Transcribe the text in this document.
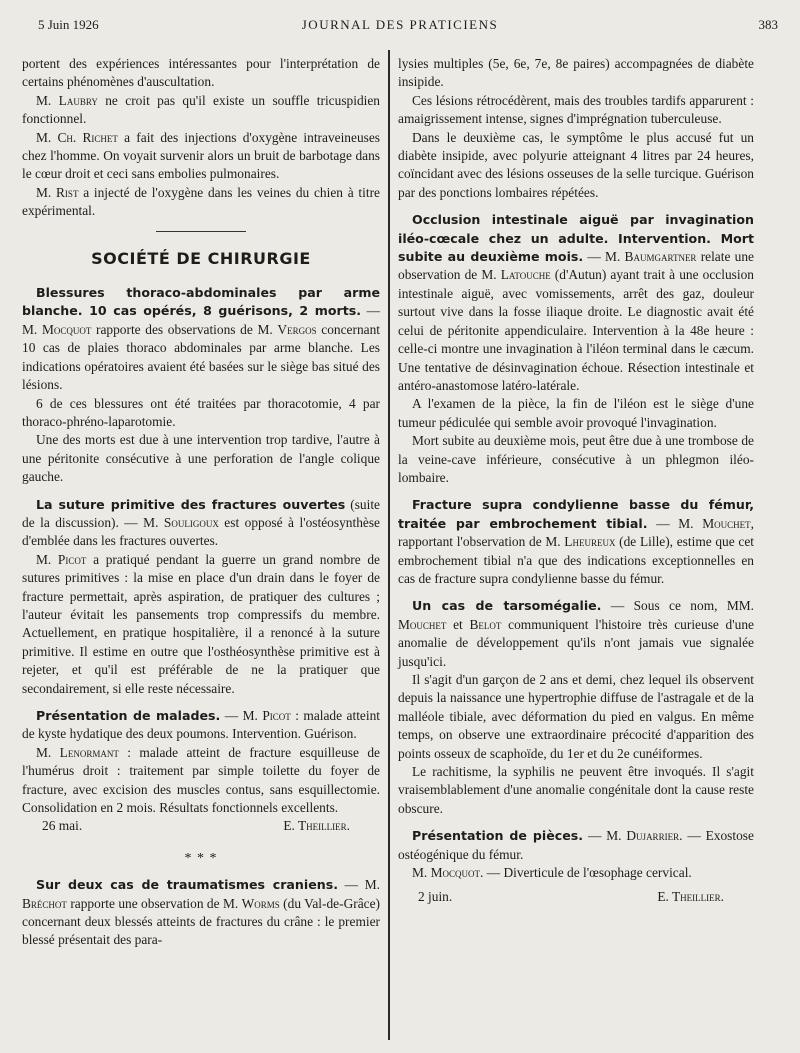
5 Juin 1926	JOURNAL DES PRATICIENS	383

portent des expériences intéressantes pour l'interprétation de certains phénomènes d'auscultation.

M. Laubry ne croit pas qu'il existe un souffle tricuspidien fonctionnel.

M. Ch. Richet a fait des injections d'oxygène intraveineuses chez l'homme. On voyait survenir alors un bruit de barbotage dans le cœur droit et ceci sans embolies pulmonaires.

M. Rist a injecté de l'oxygène dans les veines du chien à titre expérimental.

SOCIÉTÉ DE CHIRURGIE

Blessures thoraco-abdominales par arme blanche. 10 cas opérés, 8 guérisons, 2 morts. — M. Mocquot rapporte des observations de M. Vergos concernant 10 cas de plaies thoraco abdominales par arme blanche. Les indications opératoires avaient été basées sur le siège bas situé des lésions.

6 de ces blessures ont été traitées par thoracotomie, 4 par thoraco-phréno-laparotomie.

Une des morts est due à une intervention trop tardive, l'autre à une péritonite consécutive à une perforation de l'angle colique gauche.

La suture primitive des fractures ouvertes (suite de la discussion). — M. Souligoux est opposé à l'ostéosynthèse d'emblée dans les fractures ouvertes.

M. Picot a pratiqué pendant la guerre un grand nombre de sutures primitives : la mise en place d'un drain dans le foyer de fracture permettait, après aspiration, de pratiquer des cultures ; l'auteur évitait les pansements trop compressifs du membre. Actuellement, en pratique hospitalière, il a renoncé à la suture primitive. Il estime en outre que l'osthéosynthèse primitive est à rejeter, et qu'il est préférable de ne la pratiquer que secondairement, si elle reste nécessaire.

Présentation de malades. — M. Picot : malade atteint de kyste hydatique des deux poumons. Intervention. Guérison.

M. Lenormant : malade atteint de fracture esquilleuse de l'humérus droit : traitement par simple toilette du foyer de fracture, avec excision des muscles contus, sans esquillectomie. Consolidation en 2 mois. Résultats fonctionnels excellents.

26 mai.	E. Theillier.
* * *

Sur deux cas de traumatismes craniens. — M. Bréchot rapporte une observation de M. Worms (du Val-de-Grâce) concernant deux blessés atteints de fractures du crâne : le premier blessé présentait des para-

lysies multiples (5e, 6e, 7e, 8e paires) accompagnées de diabète insipide.

Ces lésions rétrocédèrent, mais des troubles tardifs apparurent : amaigrissement intense, signes d'imprégnation tuberculeuse.

Dans le deuxième cas, le symptôme le plus accusé fut un diabète insipide, avec polyurie atteignant 4 litres par 24 heures, coïncidant avec des lésions osseuses de la selle turcique. Guérison par des ponctions lombaires répétées.

Occlusion intestinale aiguë par invagination iléo-cœcale chez un adulte. Intervention. Mort subite au deuxième mois. — M. Baumgartner relate une observation de M. Latouche (d'Autun) ayant trait à une occlusion intestinale aiguë, avec vomissements, arrêt des gaz, douleur surtout vive dans la fosse iliaque droite. Le diagnostic avait été celui de péritonite appendiculaire. Intervention à la 48e heure : celle-ci montre une invagination à l'iléon terminal dans le cæcum. Une tentative de désinvagination échoue. Résection intestinale et antéro-anastomose latéro-latérale.

A l'examen de la pièce, la fin de l'iléon est le siège d'une tumeur pédiculée qui semble avoir provoqué l'invagination.

Mort subite au deuxième mois, peut être due à une trombose de la veine-cave inférieure, consécutive à un phlegmon iléo-lombaire.

Fracture supra condylienne basse du fémur, traitée par embrochement tibial. — M. Mouchet, rapportant l'observation de M. Lheureux (de Lille), estime que cet embrochement tibial n'a que des indications exceptionnelles en cas de fracture supra condylienne basse du fémur.

Un cas de tarsomégalie. — Sous ce nom, MM. Mouchet et Belot communiquent l'histoire très curieuse d'une anomalie de développement qu'ils n'ont jamais vue signalée jusqu'ici.

Il s'agit d'un garçon de 2 ans et demi, chez lequel ils observent depuis la naissance une hypertrophie diffuse de l'astragale et de la malléole tibiale, avec déformation du pied en valgus. En même temps, on observe une extraordinaire précocité d'apparition des points osseux de scaphoïde, du 1er et du 2e cunéiformes.

Le rachitisme, la syphilis ne peuvent être invoqués. Il s'agit vraisemblablement d'une anomalie congénitale dont la cause reste obscure.

Présentation de pièces. — M. Dujarrier. — Exostose ostéogénique du fémur.

M. Mocquot. — Diverticule de l'œsophage cervical.

2 juin.	E. Theillier.
